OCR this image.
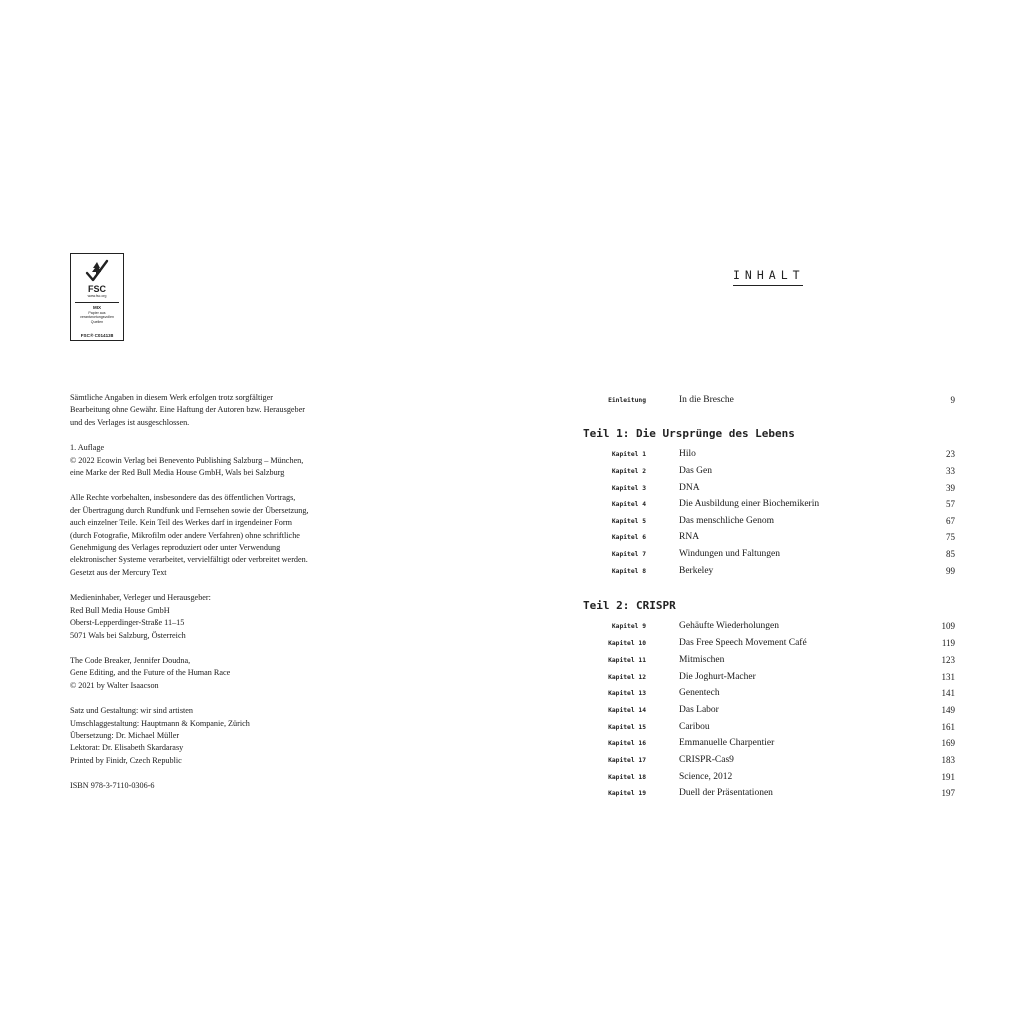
FSC
www.fsc.org
MIX
Papier aus verantwortungsvollen Quellen
FSC® C014138
Sämtliche Angaben in diesem Werk erfolgen trotz sorgfältiger
Bearbeitung ohne Gewähr. Eine Haftung der Autoren bzw. Herausgeber
und des Verlages ist ausgeschlossen.
1. Auflage
© 2022 Ecowin Verlag bei Benevento Publishing Salzburg – München,
eine Marke der Red Bull Media House GmbH, Wals bei Salzburg
Alle Rechte vorbehalten, insbesondere das des öffentlichen Vortrags,
der Übertragung durch Rundfunk und Fernsehen sowie der Übersetzung,
auch einzelner Teile. Kein Teil des Werkes darf in irgendeiner Form
(durch Fotografie, Mikrofilm oder andere Verfahren) ohne schriftliche
Genehmigung des Verlages reproduziert oder unter Verwendung
elektronischer Systeme verarbeitet, vervielfältigt oder verbreitet werden.
Gesetzt aus der Mercury Text
Medieninhaber, Verleger und Herausgeber:
Red Bull Media House GmbH
Oberst-Lepperdinger-Straße 11–15
5071 Wals bei Salzburg, Österreich
The Code Breaker, Jennifer Doudna,
Gene Editing, and the Future of the Human Race
© 2021 by Walter Isaacson
Satz und Gestaltung: wir sind artisten
Umschlaggestaltung: Hauptmann & Kompanie, Zürich
Übersetzung: Dr. Michael Müller
Lektorat: Dr. Elisabeth Skardarasy
Printed by Finidr, Czech Republic
ISBN 978-3-7110-0306-6
INHALT
Einleitung	In die Bresche	9
Teil 1: Die Ursprünge des Lebens
Kapitel 1	Hilo	23
Kapitel 2	Das Gen	33
Kapitel 3	DNA	39
Kapitel 4	Die Ausbildung einer Biochemikerin	57
Kapitel 5	Das menschliche Genom	67
Kapitel 6	RNA	75
Kapitel 7	Windungen und Faltungen	85
Kapitel 8	Berkeley	99
Teil 2: CRISPR
Kapitel 9	Gehäufte Wiederholungen	109
Kapitel 10	Das Free Speech Movement Café	119
Kapitel 11	Mitmischen	123
Kapitel 12	Die Joghurt-Macher	131
Kapitel 13	Genentech	141
Kapitel 14	Das Labor	149
Kapitel 15	Caribou	161
Kapitel 16	Emmanuelle Charpentier	169
Kapitel 17	CRISPR-Cas9	183
Kapitel 18	Science, 2012	191
Kapitel 19	Duell der Präsentationen	197
